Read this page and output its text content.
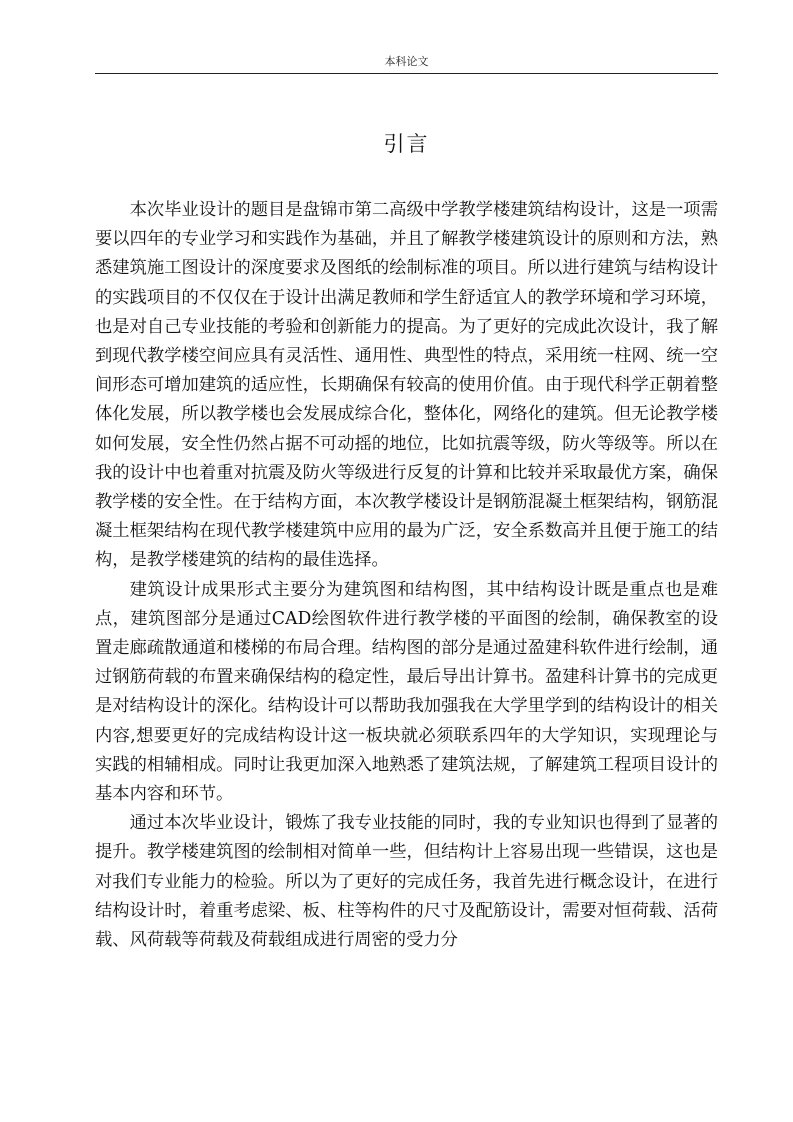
本科论文
引言

本次毕业设计的题目是盘锦市第二高级中学教学楼建筑结构设计，这是一项需要以四年的专业学习和实践作为基础，并且了解教学楼建筑设计的原则和方法，熟悉建筑施工图设计的深度要求及图纸的绘制标准的项目。所以进行建筑与结构设计的实践项目的不仅仅在于设计出满足教师和学生舒适宜人的教学环境和学习环境，也是对自己专业技能的考验和创新能力的提高。为了更好的完成此次设计，我了解到现代教学楼空间应具有灵活性、通用性、典型性的特点，采用统一柱网、统一空间形态可增加建筑的适应性，长期确保有较高的使用价值。由于现代科学正朝着整体化发展，所以教学楼也会发展成综合化，整体化，网络化的建筑。但无论教学楼如何发展，安全性仍然占据不可动摇的地位，比如抗震等级，防火等级等。所以在我的设计中也着重对抗震及防火等级进行反复的计算和比较并采取最优方案，确保教学楼的安全性。在于结构方面，本次教学楼设计是钢筋混凝土框架结构，钢筋混凝土框架结构在现代教学楼建筑中应用的最为广泛，安全系数高并且便于施工的结构，是教学楼建筑的结构的最佳选择。

建筑设计成果形式主要分为建筑图和结构图，其中结构设计既是重点也是难点，建筑图部分是通过CAD绘图软件进行教学楼的平面图的绘制，确保教室的设置走廊疏散通道和楼梯的布局合理。结构图的部分是通过盈建科软件进行绘制，通过钢筋荷载的布置来确保结构的稳定性，最后导出计算书。盈建科计算书的完成更是对结构设计的深化。结构设计可以帮助我加强我在大学里学到的结构设计的相关内容,想要更好的完成结构设计这一板块就必须联系四年的大学知识，实现理论与实践的相辅相成。同时让我更加深入地熟悉了建筑法规，了解建筑工程项目设计的基本内容和环节。

通过本次毕业设计，锻炼了我专业技能的同时，我的专业知识也得到了显著的提升。教学楼建筑图的绘制相对简单一些，但结构计上容易出现一些错误，这也是对我们专业能力的检验。所以为了更好的完成任务，我首先进行概念设计，在进行结构设计时，着重考虑梁、板、柱等构件的尺寸及配筋设计，需要对恒荷载、活荷载、风荷载等荷载及荷载组成进行周密的受力分
